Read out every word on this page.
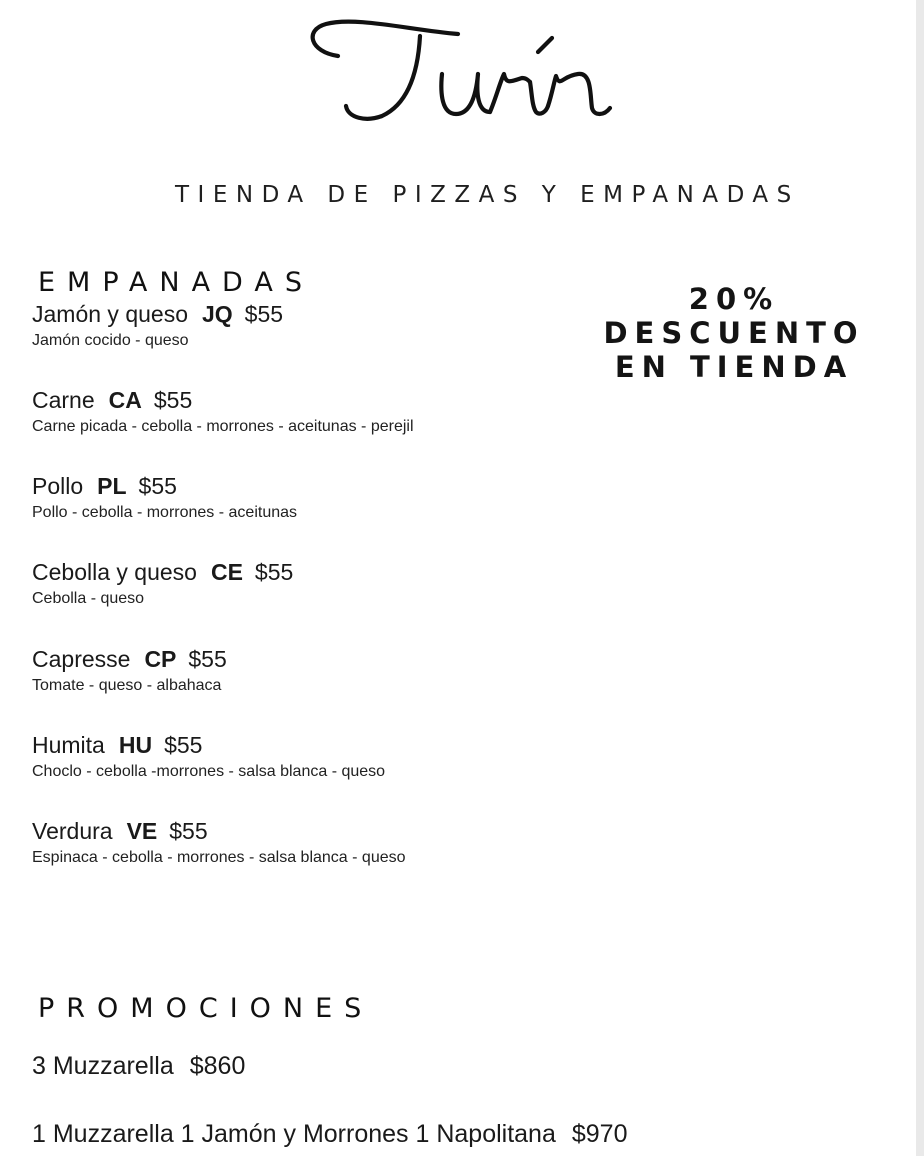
TIENDA DE PIZZAS Y EMPANADAS
EMPANADAS	20%
DESCUENTO
EN TIENDA
Jamón y queso JQ $55
Jamón cocido - queso
Carne CA $55
Carne picada - cebolla - morrones - aceitunas - perejil
Pollo PL $55
Pollo - cebolla - morrones - aceitunas
Cebolla y queso CE $55
Cebolla - queso
Capresse CP $55
Tomate - queso - albahaca
Humita HU $55
Choclo - cebolla -morrones - salsa blanca - queso
Verdura VE $55
Espinaca - cebolla - morrones - salsa blanca - queso
PROMOCIONES
3 Muzzarella $860
1 Muzzarella 1 Jamón y Morrones 1 Napolitana $970
